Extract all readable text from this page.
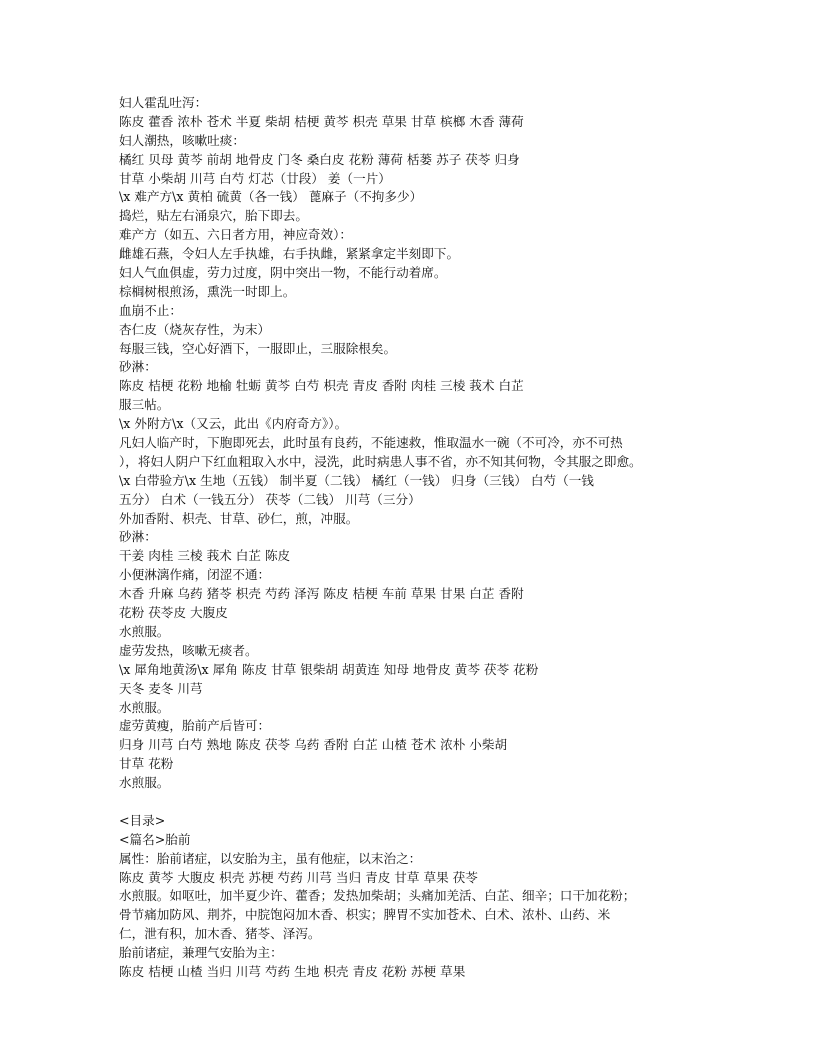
妇人霍乱吐泻：
陈皮 藿香 浓朴 苍术 半夏 柴胡 桔梗 黄芩 枳壳 草果 甘草 槟榔 木香 薄荷
妇人潮热，咳嗽吐痰：
橘红 贝母 黄芩 前胡 地骨皮 门冬 桑白皮 花粉 薄荷 栝蒌 苏子 茯苓 归身
甘草 小柴胡 川芎 白芍 灯芯（廿段） 姜（一片）
\x 难产方\x 黄柏 硫黄（各一钱） 蓖麻子（不拘多少）
捣烂，贴左右涌泉穴，胎下即去。
难产方（如五、六日者方用，神应奇效）：
雌雄石燕，令妇人左手执雄，右手执雌，紧紧拿定半刻即下。
妇人气血俱虚，劳力过度，阴中突出一物，不能行动着席。
棕榈树根煎汤，熏洗一时即上。
血崩不止：
杏仁皮（烧灰存性，为末）
每服三钱，空心好酒下，一服即止，三服除根矣。
砂淋：
陈皮 桔梗 花粉 地榆 牡蛎 黄芩 白芍 枳壳 青皮 香附 肉桂 三棱 莪术 白芷
服三帖。
\x 外附方\x（又云，此出《内府奇方》）。
凡妇人临产时，下胞即死去，此时虽有良药，不能速救，惟取温水一碗（不可冷，亦不可热
），将妇人阴户下红血粗取入水中，浸洗，此时病患人事不省，亦不知其何物，令其服之即愈。
\x 白带验方\x 生地（五钱） 制半夏（二钱） 橘红（一钱） 归身（三钱） 白芍（一钱
五分） 白术（一钱五分） 茯苓（二钱） 川芎（三分）
外加香附、枳壳、甘草、砂仁，煎，冲服。
砂淋：
干姜 肉桂 三棱 莪术 白芷 陈皮
小便淋漓作痛，闭涩不通：
木香 升麻 乌药 猪苓 枳壳 芍药 泽泻 陈皮 桔梗 车前 草果 甘果 白芷 香附
花粉 茯苓皮 大腹皮
水煎服。
虚劳发热，咳嗽无痰者。
\x 犀角地黄汤\x 犀角 陈皮 甘草 银柴胡 胡黄连 知母 地骨皮 黄芩 茯苓 花粉
天冬 麦冬 川芎
水煎服。
虚劳黄瘦，胎前产后皆可：
归身 川芎 白芍 熟地 陈皮 茯苓 乌药 香附 白芷 山楂 苍术 浓朴 小柴胡
甘草 花粉
水煎服。
<目录>
<篇名>胎前
属性：胎前诸症，以安胎为主，虽有他症，以末治之：
陈皮 黄芩 大腹皮 枳壳 苏梗 芍药 川芎 当归 青皮 甘草 草果 茯苓
水煎服。如呕吐，加半夏少许、藿香；发热加柴胡；头痛加羌活、白芷、细辛；口干加花粉；
骨节痛加防风、荆芥，中脘饱闷加木香、枳实；脾胃不实加苍术、白术、浓朴、山药、米
仁，泄有积，加木香、猪苓、泽泻。
胎前诸症，兼理气安胎为主：
陈皮 桔梗 山楂 当归 川芎 芍药 生地 枳壳 青皮 花粉 苏梗 草果
